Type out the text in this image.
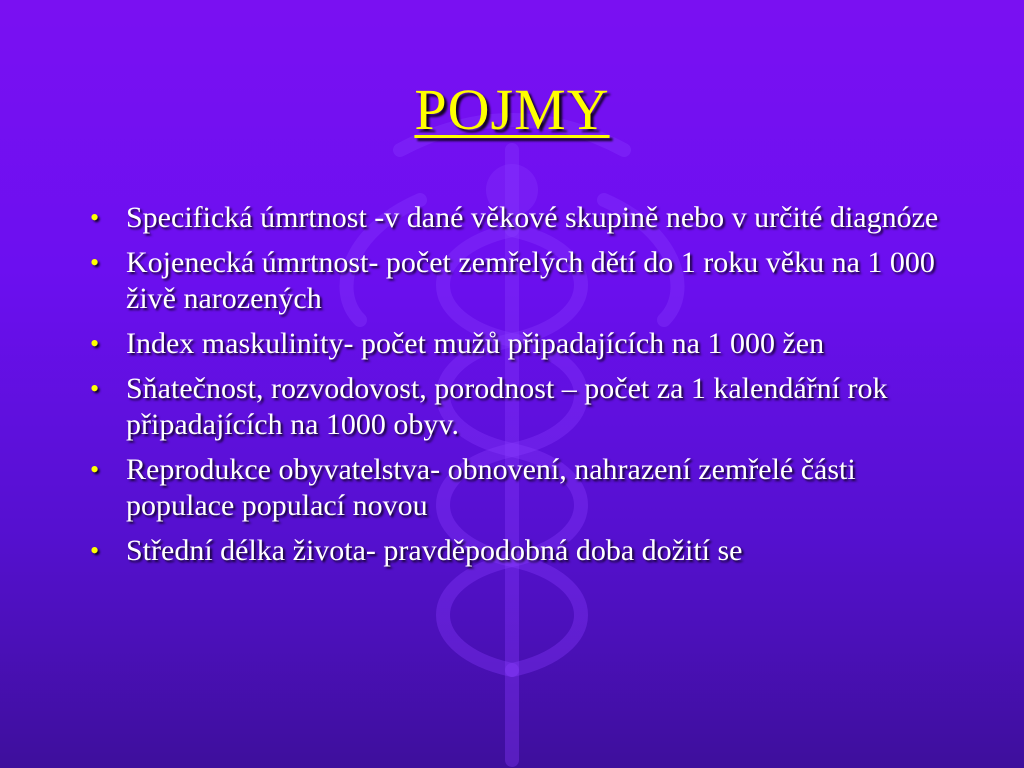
POJMY
• Specifická úmrtnost -v dané věkové skupině nebo v určité diagnóze
• Kojenecká úmrtnost- počet zemřelých dětí do 1 roku věku na 1 000 živě narozených
• Index maskulinity- počet mužů připadajících na 1 000 žen
• Sňatečnost, rozvodovost, porodnost – počet za 1 kalendářní rok připadajících na 1000 obyv.
• Reprodukce obyvatelstva- obnovení, nahrazení zemřelé části populace populací novou
• Střední délka života- pravděpodobná doba dožití se
